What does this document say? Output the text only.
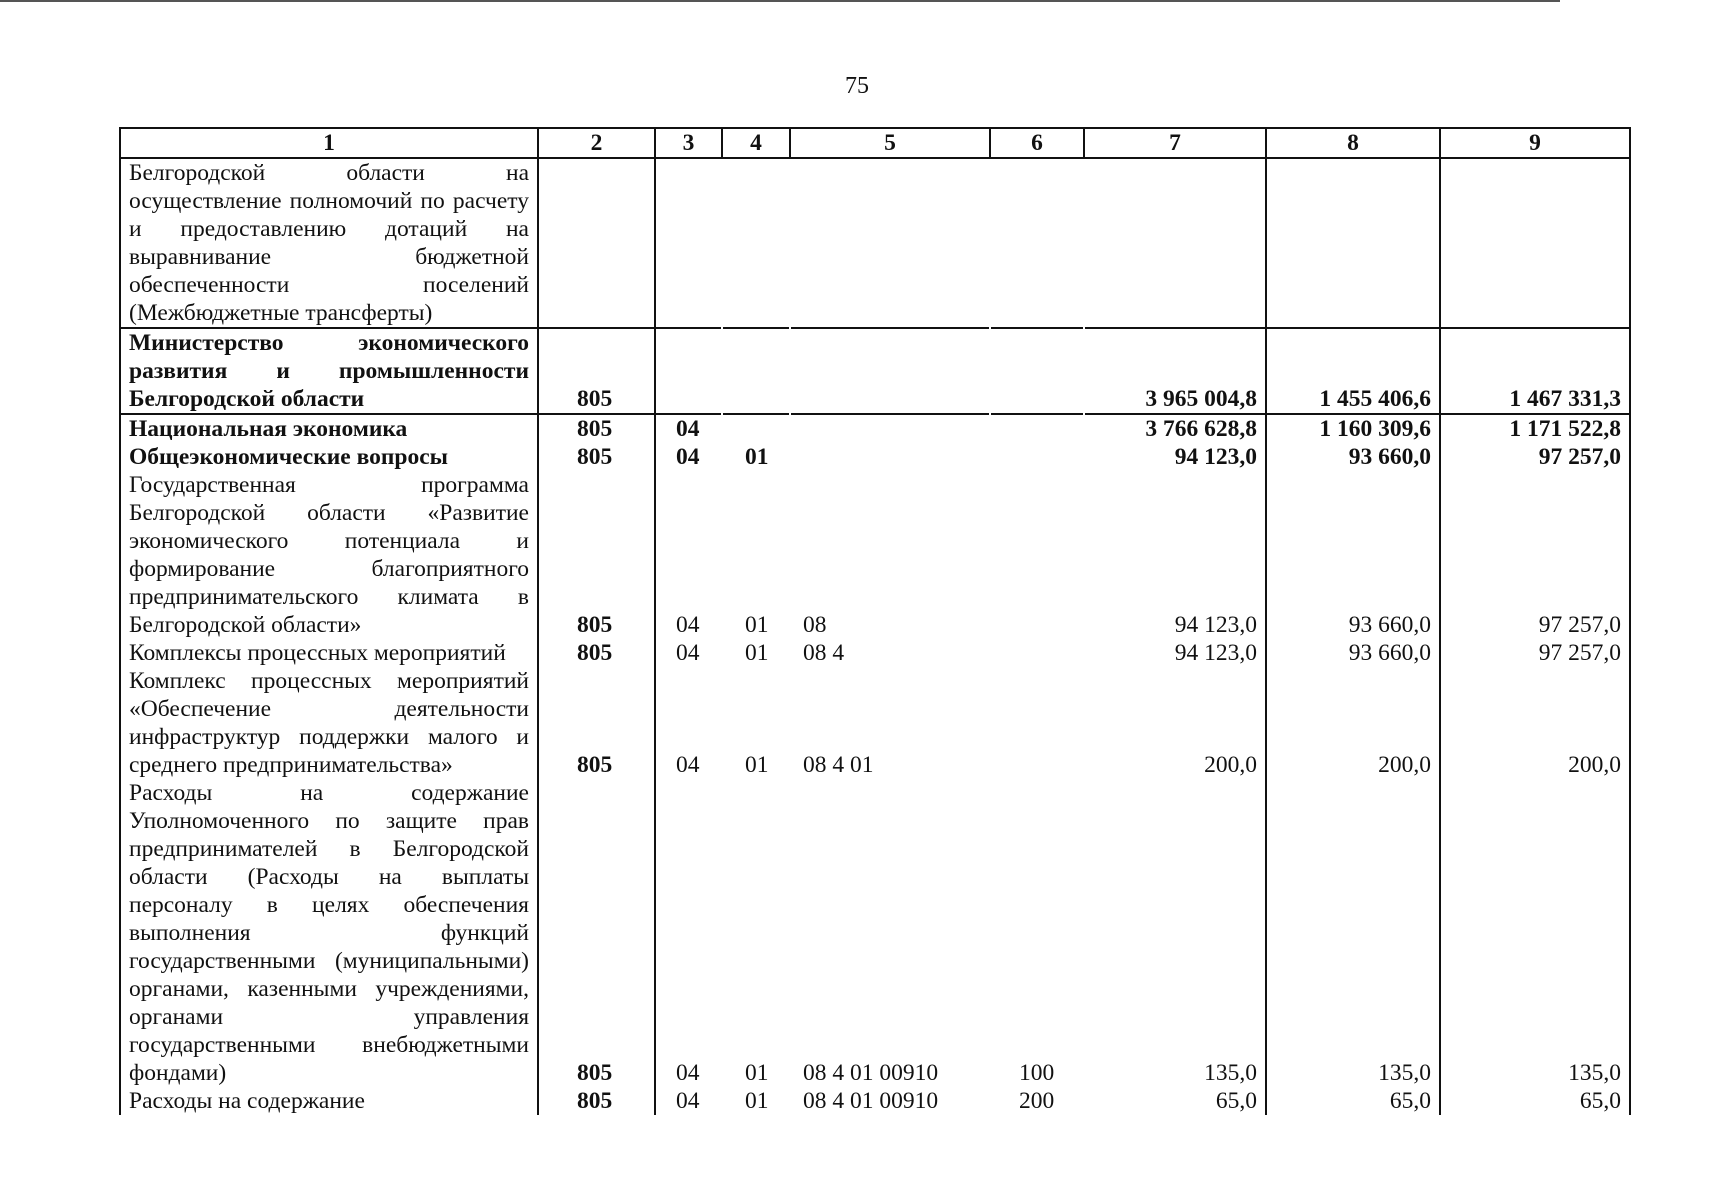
75
1	2	3	4	5	6	7	8	9
Белгородской области на осуществление полномочий по расчету и предоставлению дотаций на выравнивание бюджетной обеспеченности поселений (Межбюджетные трансферты)								
Министерство экономического развития и промышленности Белгородской области	805					3 965 004,8	1 455 406,6	1 467 331,3
Национальная экономика	805	04				3 766 628,8	1 160 309,6	1 171 522,8
Общеэкономические вопросы	805	04	01			94 123,0	93 660,0	97 257,0
Государственная программа Белгородской области «Развитие экономического потенциала и формирование благоприятного предпринимательского климата в Белгородской области»	805	04	01	08		94 123,0	93 660,0	97 257,0
Комплексы процессных мероприятий	805	04	01	08 4		94 123,0	93 660,0	97 257,0
Комплекс процессных мероприятий «Обеспечение деятельности инфраструктур поддержки малого и среднего предпринимательства»	805	04	01	08 4 01		200,0	200,0	200,0
Расходы на содержание Уполномоченного по защите прав предпринимателей в Белгородской области (Расходы на выплаты персоналу в целях обеспечения выполнения функций государственными (муниципальными) органами, казенными учреждениями, органами управления государственными внебюджетными фондами)	805	04	01	08 4 01 00910	100	135,0	135,0	135,0
Расходы на содержание	805	04	01	08 4 01 00910	200	65,0	65,0	65,0
